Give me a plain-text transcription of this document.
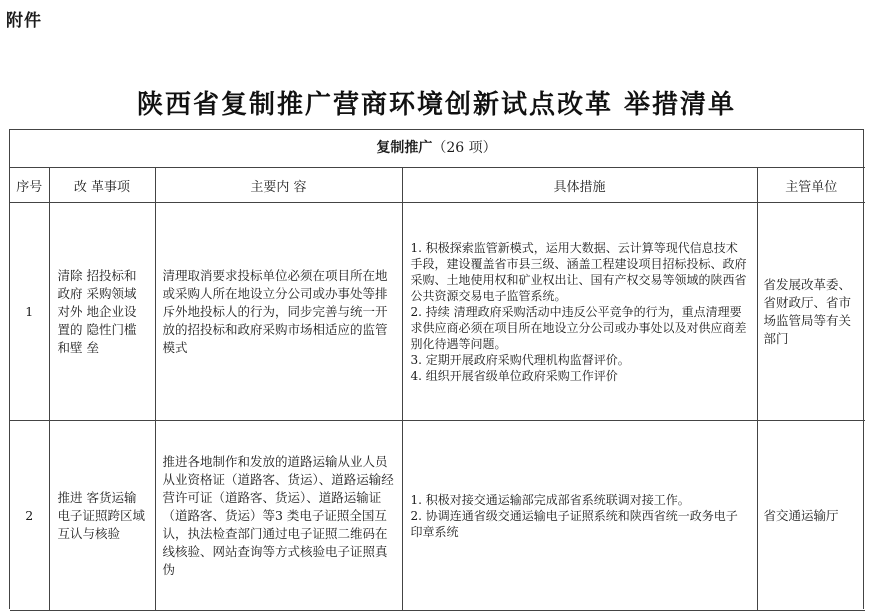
附件
陕西省复制推广营商环境创新试点改革 举措清单
复制推广（26 项）
序号	改 革事项	主要内 容	具体措施	主管单位
1	清除 招投标和政府 采购领域对外 地企业设置的 隐性门槛和壁 垒	清理取消要求投标单位必须在项目所在地或采购人所在地设立分公司或办事处等排斥外地投标人的行为，同步完善与统一开放的招投标和政府采购市场相适应的监管模式	1. 积极探索监管新模式，运用大数据、云计算等现代信息技术手段，建设覆盖省市县三级、涵盖工程建设项目招标投标、政府采购、土地使用权和矿业权出让、国有产权交易等领域的陕西省公共资源交易电子监管系统。
2. 持续 清理政府采购活动中违反公平竞争的行为，重点清理要求供应商必须在项目所在地设立分公司或办事处以及对供应商差别化待遇等问题。
3. 定期开展政府采购代理机构监督评价。
4. 组织开展省级单位政府采购工作评价	省发展改革委、省财政厅、省市场监管局等有关部门

2	推进 客货运输电子证照跨区域互认与核验	推进各地制作和发放的道路运输从业人员从业资格证（道路客、货运）、道路运输经营许可证（道路客、货运）、道路运输证（道路客、货运）等3 类电子证照全国互认，执法检查部门通过电子证照二维码在线核验、网站查询等方式核验电子证照真伪	1. 积极对接交通运输部完成部省系统联调对接工作。
2. 协调连通省级交通运输电子证照系统和陕西省统一政务电子印章系统	省交通运输厅
